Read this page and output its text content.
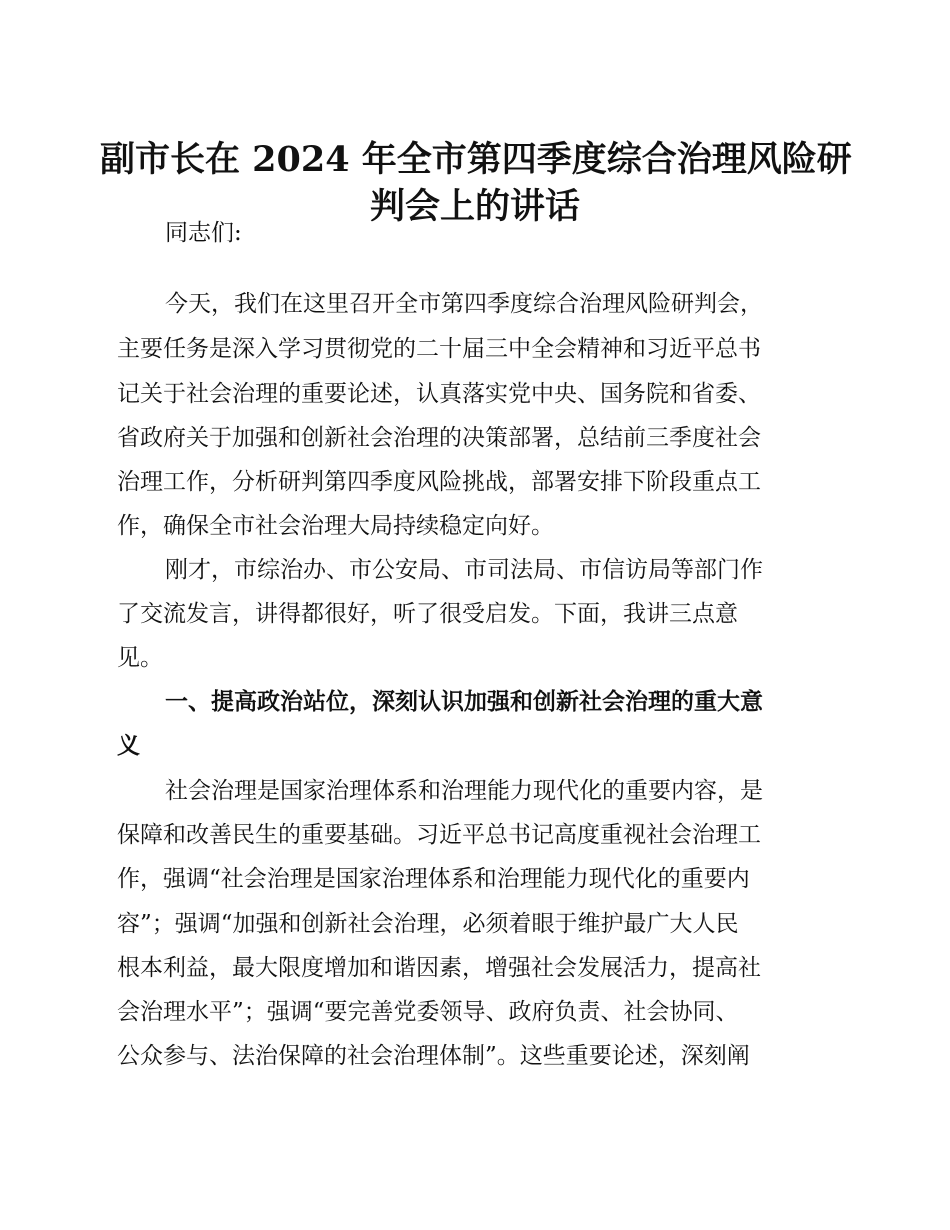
副市长在 2024 年全市第四季度综合治理风险研
判会上的讲话

同志们:

今天，我们在这里召开全市第四季度综合治理风险研判会，

主要任务是深入学习贯彻党的二十届三中全会精神和习近平总书

记关于社会治理的重要论述，认真落实党中央、国务院和省委、

省政府关于加强和创新社会治理的决策部署，总结前三季度社会

治理工作，分析研判第四季度风险挑战，部署安排下阶段重点工

作，确保全市社会治理大局持续稳定向好。

刚才，市综治办、市公安局、市司法局、市信访局等部门作

了交流发言，讲得都很好，听了很受启发。下面，我讲三点意

见。

一、提高政治站位，深刻认识加强和创新社会治理的重大意

义

社会治理是国家治理体系和治理能力现代化的重要内容，是

保障和改善民生的重要基础。习近平总书记高度重视社会治理工

作，强调“社会治理是国家治理体系和治理能力现代化的重要内

容”；强调“加强和创新社会治理，必须着眼于维护最广大人民

根本利益，最大限度增加和谐因素，增强社会发展活力，提高社

会治理水平”；强调“要完善党委领导、政府负责、社会协同、

公众参与、法治保障的社会治理体制”。这些重要论述，深刻阐
